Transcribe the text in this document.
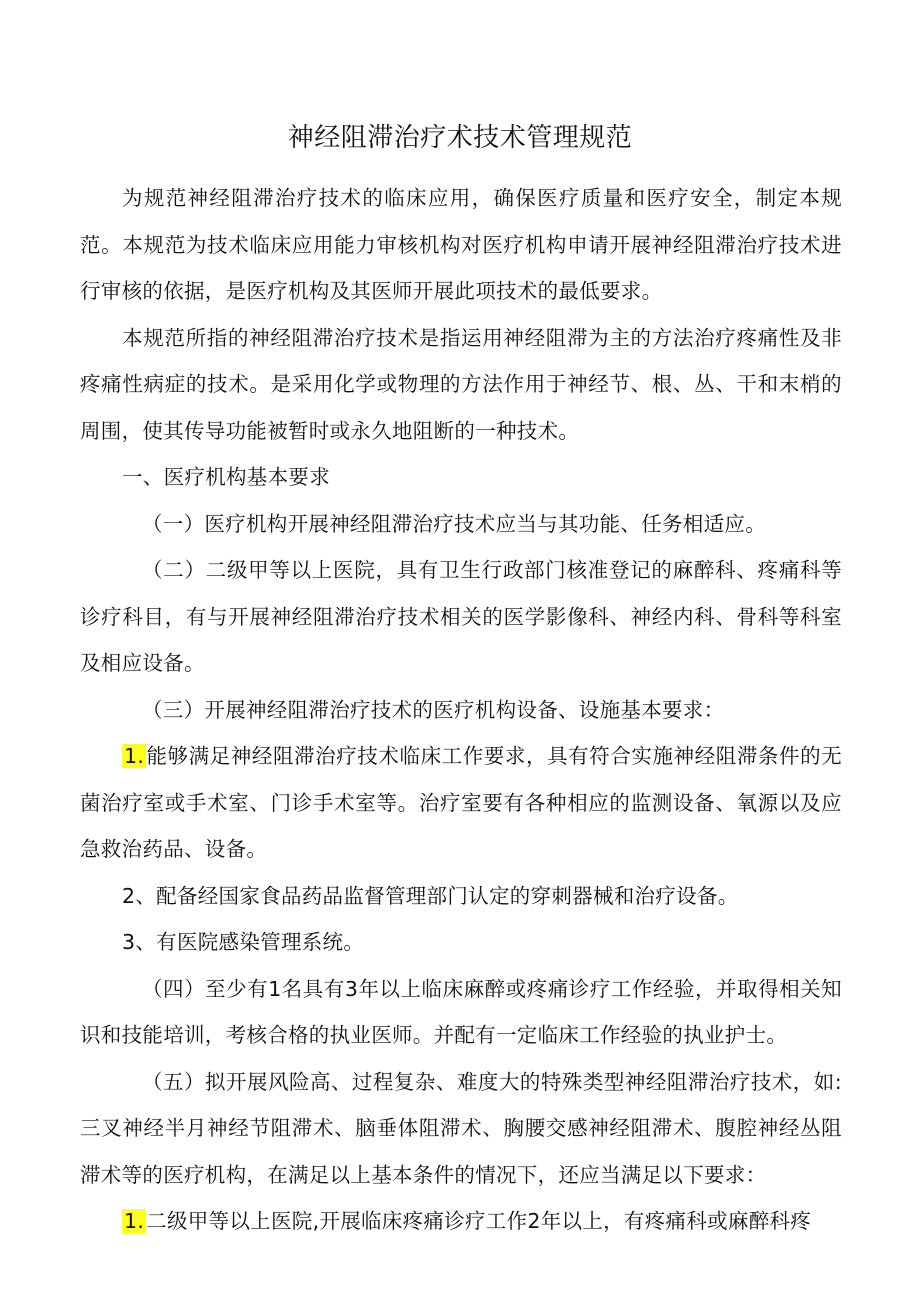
神经阻滞治疗术技术管理规范

为规范神经阻滞治疗技术的临床应用，确保医疗质量和医疗安全，制定本规范。本规范为技术临床应用能力审核机构对医疗机构申请开展神经阻滞治疗技术进行审核的依据，是医疗机构及其医师开展此项技术的最低要求。

本规范所指的神经阻滞治疗技术是指运用神经阻滞为主的方法治疗疼痛性及非疼痛性病症的技术。是采用化学或物理的方法作用于神经节、根、丛、干和末梢的周围，使其传导功能被暂时或永久地阻断的一种技术。

一、医疗机构基本要求

（一）医疗机构开展神经阻滞治疗技术应当与其功能、任务相适应。

（二）二级甲等以上医院，具有卫生行政部门核准登记的麻醉科、疼痛科等诊疗科目，有与开展神经阻滞治疗技术相关的医学影像科、神经内科、骨科等科室及相应设备。

（三）开展神经阻滞治疗技术的医疗机构设备、设施基本要求：

1.能够满足神经阻滞治疗技术临床工作要求，具有符合实施神经阻滞条件的无菌治疗室或手术室、门诊手术室等。治疗室要有各种相应的监测设备、氧源以及应急救治药品、设备。

2、配备经国家食品药品监督管理部门认定的穿刺器械和治疗设备。

3、有医院感染管理系统。

（四）至少有1名具有3年以上临床麻醉或疼痛诊疗工作经验，并取得相关知识和技能培训，考核合格的执业医师。并配有一定临床工作经验的执业护士。

（五）拟开展风险高、过程复杂、难度大的特殊类型神经阻滞治疗技术，如:三叉神经半月神经节阻滞术、脑垂体阻滞术、胸腰交感神经阻滞术、腹腔神经丛阻滞术等的医疗机构，在满足以上基本条件的情况下，还应当满足以下要求：

1.二级甲等以上医院,开展临床疼痛诊疗工作2年以上，有疼痛科或麻醉科疼
